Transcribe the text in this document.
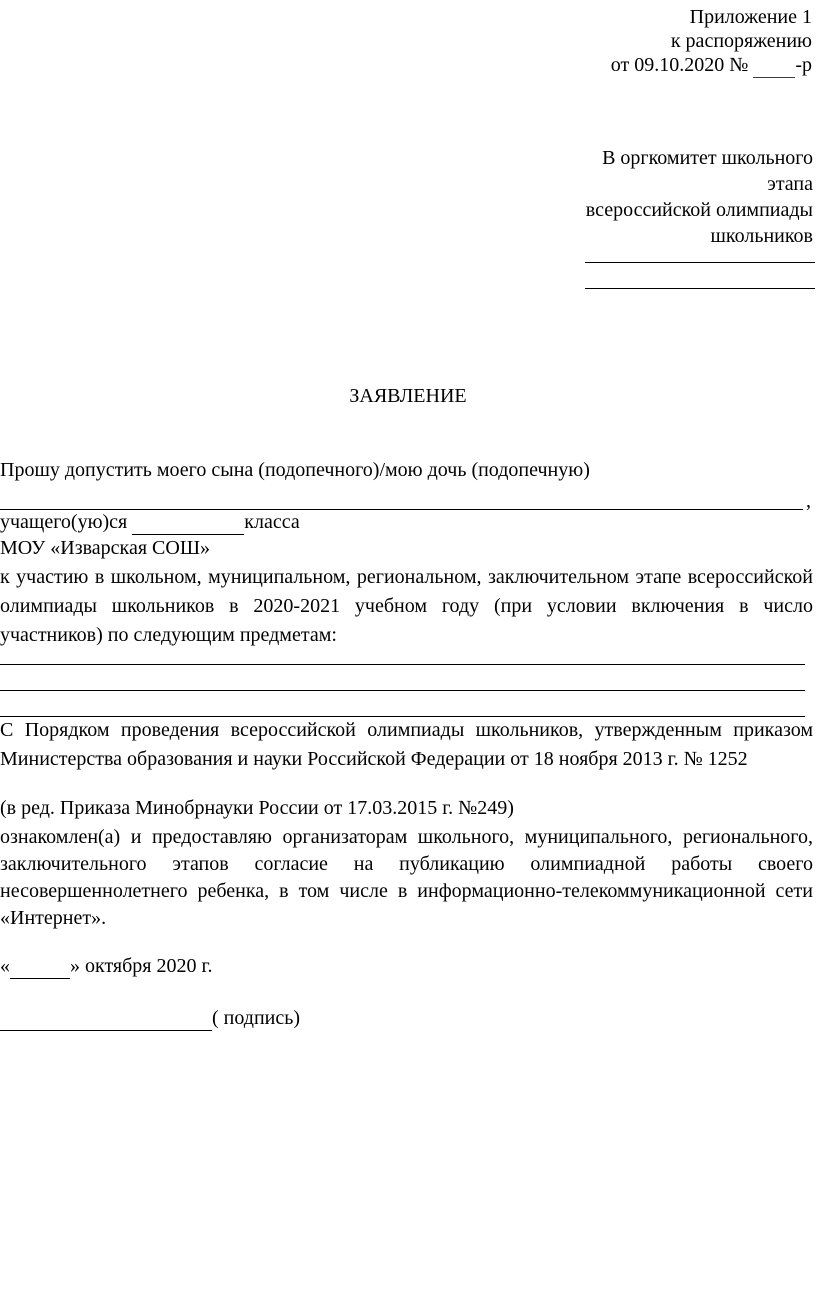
Приложение 1
к распоряжению
от 09.10.2020 № -р
В оргкомитет школьного
этапа
всероссийской олимпиады
школьников
ЗАЯВЛЕНИЕ
Прошу допустить моего сына (подопечного)/мою дочь (подопечную)
,
учащего(ую)ся	класса
МОУ «Изварская СОШ»
к участию в школьном, муниципальном, региональном, заключительном этапе всероссийской олимпиады школьников в 2020-2021 учебном году (при условии включения в число участников) по следующим предметам:
С Порядком проведения всероссийской олимпиады школьников, утвержденным приказом Министерства образования и науки Российской Федерации от 18 ноября 2013 г. № 1252
(в ред. Приказа Минобрнауки России от 17.03.2015 г. №249)
ознакомлен(а) и предоставляю организаторам школьного, муниципального, регионального, заключительного этапов согласие на публикацию олимпиадной работы своего несовершеннолетнего ребенка, в том числе в информационно-телекоммуникационной сети «Интернет».
«	» октября 2020 г.
( подпись)
